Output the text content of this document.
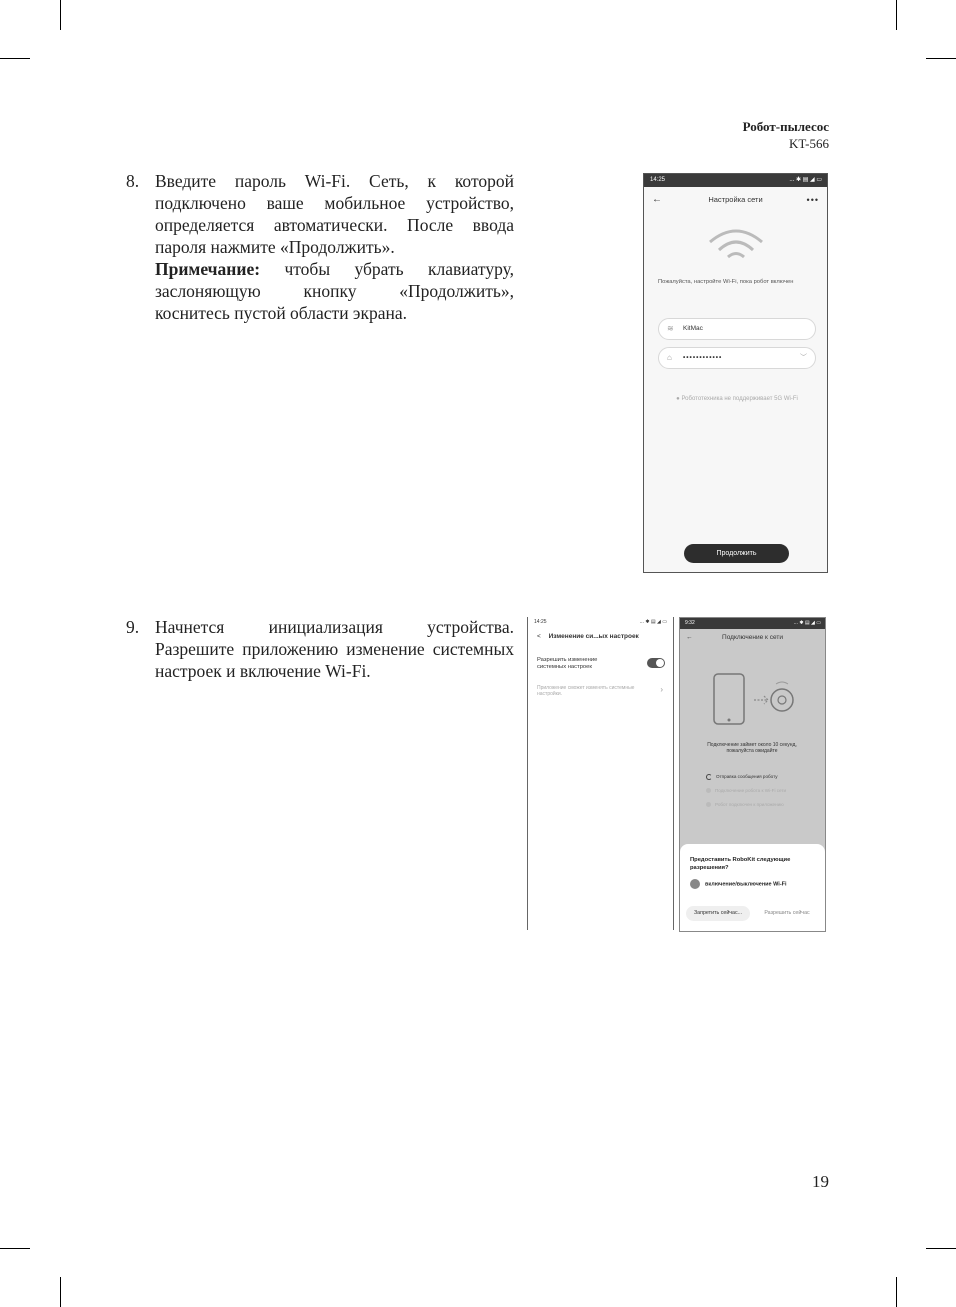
Робот-пылесос
KT-566
8. Введите пароль Wi-Fi. Сеть, к которой подключено ваше мобильное устройство, определяется автоматически. После ввода пароля нажмите «Продолжить».

Примечание: чтобы убрать клавиатуру, заслоняющую кнопку «Продолжить», коснитесь пустой области экрана.

14:25	... ✱ ▤ ◢ ▭
←	Настройка сети	•••
Пожалуйста, настройте Wi-Fi, пока робот включен
≋ KitMac
⌂ ••••••••••••	︶
● Робототехника не поддерживает 5G Wi-Fi
Продолжить
9. Начнется инициализация устройства. Разрешите приложению изменение системных настроек и включение Wi-Fi.

14:25	... ✱ ▤ ◢ ▭
< Изменение си...ых настроек
Разрешить изменение системных настроек
Приложение сможет изменять системные настройки.	›
9:32	... ✱ ▤ ◢ ▭
←	Подключение к сети
Подключение займет около 10 секунд, пожалуйста ожидайте
Отправка сообщения роботу
Подключение робота к Wi-Fi сети
Робот подключен к приложению
Предоставить RoboKit следующие разрешения?
включение/выключение Wi-Fi
Запретить сейчас...	Разрешить сейчас
19
